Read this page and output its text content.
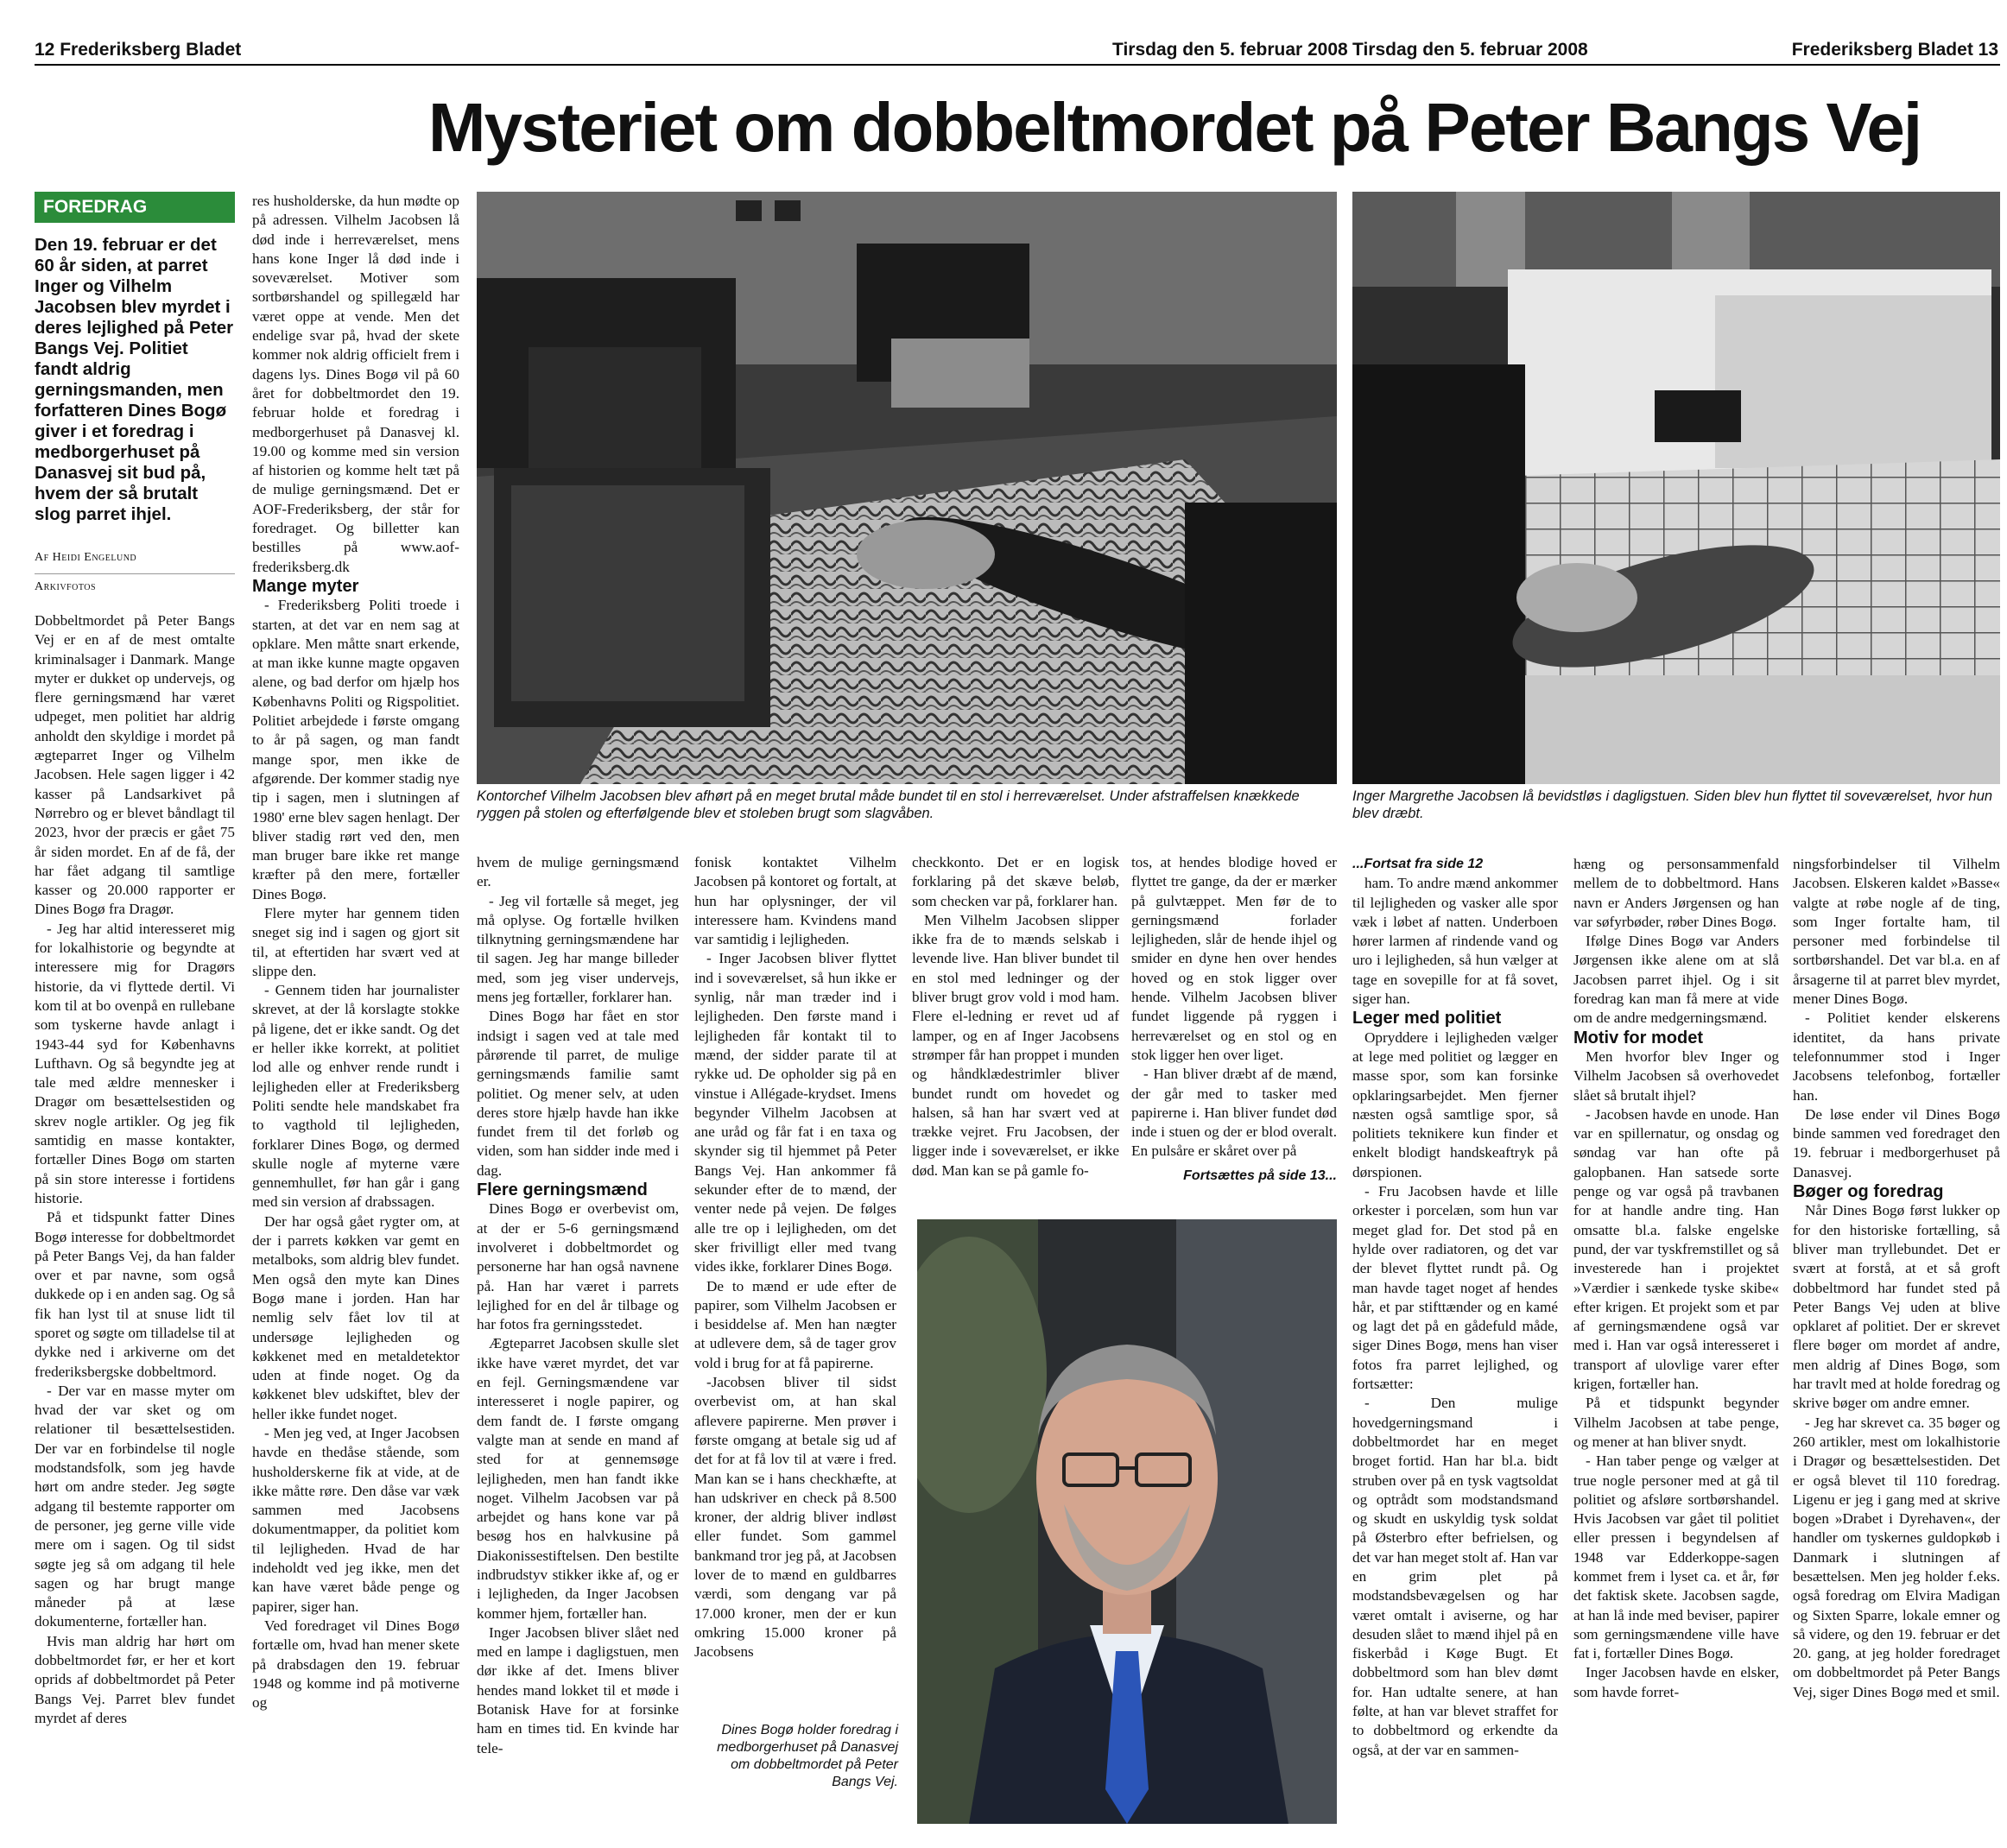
12 Frederiksberg Bladet	Tirsdag den 5. februar 2008 Tirsdag den 5. februar 2008	Frederiksberg Bladet 13
Mysteriet om dobbeltmordet på Peter Bangs Vej
FOREDRAG
Den 19. februar er det 60 år siden, at parret Inger og Vilhelm Jacobsen blev myrdet i deres lejlighed på Peter Bangs Vej. Politiet fandt aldrig gerningsmanden, men forfatteren Dines Bogø giver i et foredrag i medborgerhuset på Danasvej sit bud på, hvem der så brutalt slog parret ihjel.
Af Heidi Engelund
Arkivfotos

Dobbeltmordet på Peter Bangs Vej er en af de mest omtalte kriminalsager i Danmark. Mange myter er dukket op undervejs, og flere gerningsmænd har været udpeget, men politiet har aldrig anholdt den skyldige i mordet på ægteparret Inger og Vilhelm Jacobsen. Hele sagen ligger i 42 kasser på Landsarkivet på Nørrebro og er blevet båndlagt til 2023, hvor der præcis er gået 75 år siden mordet. En af de få, der har fået adgang til samtlige kasser og 20.000 rapporter er Dines Bogø fra Dragør.

- Jeg har altid interesseret mig for lokalhistorie og begyndte at interessere mig for Dragørs historie, da vi flyttede dertil. Vi kom til at bo ovenpå en rullebane som tyskerne havde anlagt i 1943-44 syd for Københavns Lufthavn. Og så begyndte jeg at tale med ældre mennesker i Dragør om besættelsestiden og skrev nogle artikler. Og jeg fik samtidig en masse kontakter, fortæller Dines Bogø om starten på sin store interesse i fortidens historie.

På et tidspunkt fatter Dines Bogø interesse for dobbeltmordet på Peter Bangs Vej, da han falder over et par navne, som også dukkede op i en anden sag. Og så fik han lyst til at snuse lidt til sporet og søgte om tilladelse til at dykke ned i arkiverne om det frederiksbergske dobbeltmord.

- Der var en masse myter om hvad der var sket og om relationer til besættelsestiden. Der var en forbindelse til nogle modstandsfolk, som jeg havde hørt om andre steder. Jeg søgte adgang til bestemte rapporter om de personer, jeg gerne ville vide mere om i sagen. Og til sidst søgte jeg så om adgang til hele sagen og har brugt mange måneder på at læse dokumenterne, fortæller han.

Hvis man aldrig har hørt om dobbeltmordet før, er her et kort oprids af dobbeltmordet på Peter Bangs Vej. Parret blev fundet myrdet af deres

res husholderske, da hun mødte op på adressen. Vilhelm Jacobsen lå død inde i herreværelset, mens hans kone Inger lå død inde i soveværelset. Motiver som sortbørshandel og spillegæld har været oppe at vende. Men det endelige svar på, hvad der skete kommer nok aldrig officielt frem i dagens lys. Dines Bogø vil på 60 året for dobbeltmordet den 19. februar holde et foredrag i medborgerhuset på Danasvej kl. 19.00 og komme med sin version af historien og komme helt tæt på de mulige gerningsmænd. Det er AOF-Frederiksberg, der står for foredraget. Og billetter kan bestilles på www.aof-frederiksberg.dk

Mange myter

- Frederiksberg Politi troede i starten, at det var en nem sag at opklare. Men måtte snart erkende, at man ikke kunne magte opgaven alene, og bad derfor om hjælp hos Københavns Politi og Rigspolitiet. Politiet arbejdede i første omgang to år på sagen, og man fandt mange spor, men ikke de afgørende. Der kommer stadig nye tip i sagen, men i slutningen af 1980' erne blev sagen henlagt. Der bliver stadig rørt ved den, men man bruger bare ikke ret mange kræfter på den mere, fortæller Dines Bogø.

Flere myter har gennem tiden sneget sig ind i sagen og gjort sit til, at eftertiden har svært ved at slippe den.

- Gennem tiden har journalister skrevet, at der lå korslagte stokke på ligene, det er ikke sandt. Og det er heller ikke korrekt, at politiet lod alle og enhver rende rundt i lejligheden eller at Frederiksberg Politi sendte hele mandskabet fra to vagthold til lejligheden, forklarer Dines Bogø, og dermed skulle nogle af myterne være gennemhullet, før han går i gang med sin version af drabssagen.

Der har også gået rygter om, at der i parrets køkken var gemt en metalboks, som aldrig blev fundet. Men også den myte kan Dines Bogø mane i jorden. Han har nemlig selv fået lov til at undersøge lejligheden og køkkenet med en metaldetektor uden at finde noget. Og da køkkenet blev udskiftet, blev der heller ikke fundet noget.

- Men jeg ved, at Inger Jacobsen havde en thedåse stående, som husholderskerne fik at vide, at de ikke måtte røre. Den dåse var væk sammen med Jacobsens dokumentmapper, da politiet kom til lejligheden. Hvad de har indeholdt ved jeg ikke, men det kan have været både penge og papirer, siger han.

Ved foredraget vil Dines Bogø fortælle om, hvad han mener skete på drabsdagen den 19. februar 1948 og komme ind på motiverne og

Kontorchef Vilhelm Jacobsen blev afhørt på en meget brutal måde bundet til en stol i herreværelset. Under afstraffelsen knækkede ryggen på stolen og efterfølgende blev et stoleben brugt som slagvåben.
Inger Margrethe Jacobsen lå bevidstløs i dagligstuen. Siden blev hun flyttet til soveværelset, hvor hun blev dræbt.

hvem de mulige gerningsmænd er.

- Jeg vil fortælle så meget, jeg må oplyse. Og fortælle hvilken tilknytning gerningsmændene har til sagen. Jeg har mange billeder med, som jeg viser undervejs, mens jeg fortæller, forklarer han.

Dines Bogø har fået en stor indsigt i sagen ved at tale med pårørende til parret, de mulige gerningsmænds familie samt politiet. Og mener selv, at uden deres store hjælp havde han ikke fundet frem til det forløb og viden, som han sidder inde med i dag.

Flere gerningsmænd

Dines Bogø er overbevist om, at der er 5-6 gerningsmænd involveret i dobbeltmordet og personerne har han også navnene på. Han har været i parrets lejlighed for en del år tilbage og har fotos fra gerningsstedet.

Ægteparret Jacobsen skulle slet ikke have været myrdet, det var en fejl. Gerningsmændene var interesseret i nogle papirer, og dem fandt de. I første omgang valgte man at sende en mand af sted for at gennemsøge lejligheden, men han fandt ikke noget. Vilhelm Jacobsen var på arbejdet og hans kone var på besøg hos en halvkusine på Diakonissestiftelsen. Den bestilte indbrudstyv stikker ikke af, og er i lejligheden, da Inger Jacobsen kommer hjem, fortæller han.

Inger Jacobsen bliver slået ned med en lampe i dagligstuen, men dør ikke af det. Imens bliver hendes mand lokket til et møde i Botanisk Have for at forsinke ham en times tid. En kvinde har tele-

fonisk kontaktet Vilhelm Jacobsen på kontoret og fortalt, at hun har oplysninger, der vil interessere ham. Kvindens mand var samtidig i lejligheden.

- Inger Jacobsen bliver flyttet ind i soveværelset, så hun ikke er synlig, når man træder ind i lejligheden. Den første mand i lejligheden får kontakt til to mænd, der sidder parate til at rykke ud. De opholder sig på en vinstue i Allégade-krydset. Imens begynder Vilhelm Jacobsen at ane uråd og får fat i en taxa og skynder sig til hjemmet på Peter Bangs Vej. Han ankommer få sekunder efter de to mænd, der venter nede på vejen. De følges alle tre op i lejligheden, om det sker frivilligt eller med tvang vides ikke, forklarer Dines Bogø.

De to mænd er ude efter de papirer, som Vilhelm Jacobsen er i besiddelse af. Men han nægter at udlevere dem, så de tager grov vold i brug for at få papirerne.

-Jacobsen bliver til sidst overbevist om, at han skal aflevere papirerne. Men prøver i første omgang at betale sig ud af det for at få lov til at være i fred. Man kan se i hans checkhæfte, at han udskriver en check på 8.500 kroner, der aldrig bliver indløst eller fundet. Som gammel bankmand tror jeg på, at Jacobsen lover de to mænd en guldbarres værdi, som dengang var på 17.000 kroner, men der er kun omkring 15.000 kroner på Jacobsens

checkkonto. Det er en logisk forklaring på det skæve beløb, som checken var på, forklarer han.

Men Vilhelm Jacobsen slipper ikke fra de to mænds selskab i levende live. Han bliver bundet til en stol med ledninger og der bliver brugt grov vold i mod ham. Flere el-ledning er revet ud af lamper, og en af Inger Jacobsens strømper får han proppet i munden og håndklædestrimler bliver bundet rundt om hovedet og halsen, så han har svært ved at trække vejret. Fru Jacobsen, der ligger inde i soveværelset, er ikke død. Man kan se på gamle fo-

tos, at hendes blodige hoved er flyttet tre gange, da der er mærker på gulvtæppet. Men før de to gerningsmænd forlader lejligheden, slår de hende ihjel og smider en dyne hen over hendes hoved og en stok ligger over hende. Vilhelm Jacobsen bliver fundet liggende på ryggen i herreværelset og en stol og en stok ligger hen over liget.

- Han bliver dræbt af de mænd, der går med to tasker med papirerne i. Han bliver fundet død inde i stuen og der er blod overalt. En pulsåre er skåret over på

Fortsættes på side 13...

Dines Bogø holder foredrag i medborgerhuset på Danasvej om dobbeltmordet på Peter Bangs Vej.

...Fortsat fra side 12

ham. To andre mænd ankommer til lejligheden og vasker alle spor væk i løbet af natten. Underboen hører larmen af rindende vand og uro i lejligheden, så hun vælger at tage en sovepille for at få sovet, siger han.

Leger med politiet

Opryddere i lejligheden vælger at lege med politiet og lægger en masse spor, som kan forsinke opklaringsarbejdet. Men fjerner næsten også samtlige spor, så politiets teknikere kun finder et enkelt blodigt handskeaftryk på dørspionen.

- Fru Jacobsen havde et lille orkester i porcelæn, som hun var meget glad for. Det stod på en hylde over radiatoren, og det var der blevet flyttet rundt på. Og man havde taget noget af hendes hår, et par stifttænder og en kamé og lagt det på en gådefuld måde, siger Dines Bogø, mens han viser fotos fra parret lejlighed, og fortsætter:

- Den mulige hovedgerningsmand i dobbeltmordet har en meget broget fortid. Han har bl.a. bidt struben over på en tysk vagtsoldat og optrådt som modstandsmand og skudt en uskyldig tysk soldat på Østerbro efter befrielsen, og det var han meget stolt af. Han var en grim plet på modstandsbevægelsen og har været omtalt i aviserne, og har desuden slået to mænd ihjel på en fiskerbåd i Køge Bugt. Et dobbeltmord som han blev dømt for. Han udtalte senere, at han følte, at han var blevet straffet for to dobbeltmord og erkendte da også, at der var en sammen-

hæng og personsammenfald mellem de to dobbeltmord. Hans navn er Anders Jørgensen og han var søfyrbøder, røber Dines Bogø.

Ifølge Dines Bogø var Anders Jørgensen ikke alene om at slå Jacobsen parret ihjel. Og i sit foredrag kan man få mere at vide om de andre medgerningsmænd.

Motiv for modet

Men hvorfor blev Inger og Vilhelm Jacobsen så overhovedet slået så brutalt ihjel?

- Jacobsen havde en unode. Han var en spillernatur, og onsdag og søndag var han ofte på galopbanen. Han satsede sorte penge og var også på travbanen for at handle andre ting. Han omsatte bl.a. falske engelske pund, der var tyskfremstillet og så investerede han i projektet »Værdier i sænkede tyske skibe« efter krigen. Et projekt som et par af gerningsmændene også var med i. Han var også interesseret i transport af ulovlige varer efter krigen, fortæller han.

På et tidspunkt begynder Vilhelm Jacobsen at tabe penge, og mener at han bliver snydt.

- Han taber penge og vælger at true nogle personer med at gå til politiet og afsløre sortbørshandel. Hvis Jacobsen var gået til politiet eller pressen i begyndelsen af 1948 var Edderkoppe-sagen kommet frem i lyset ca. et år, før det faktisk skete. Jacobsen sagde, at han lå inde med beviser, papirer som gerningsmændene ville have fat i, fortæller Dines Bogø.

Inger Jacobsen havde en elsker, som havde forret-

ningsforbindelser til Vilhelm Jacobsen. Elskeren kaldet »Basse« valgte at røbe nogle af de ting, som Inger fortalte ham, til personer med forbindelse til sortbørshandel. Det var bl.a. en af årsagerne til at parret blev myrdet, mener Dines Bogø.

- Politiet kender elskerens identitet, da hans private telefonnummer stod i Inger Jacobsens telefonbog, fortæller han.

De løse ender vil Dines Bogø binde sammen ved foredraget den 19. februar i medborgerhuset på Danasvej.

Bøger og foredrag

Når Dines Bogø først lukker op for den historiske fortælling, så bliver man tryllebundet. Det er svært at forstå, at et så groft dobbeltmord har fundet sted på Peter Bangs Vej uden at blive opklaret af politiet. Der er skrevet flere bøger om mordet af andre, men aldrig af Dines Bogø, som har travlt med at holde foredrag og skrive bøger om andre emner.

- Jeg har skrevet ca. 35 bøger og 260 artikler, mest om lokalhistorie i Dragør og besættelsestiden. Det er også blevet til 110 foredrag. Ligenu er jeg i gang med at skrive bogen »Drabet i Dyrehaven«, der handler om tyskernes guldopkøb i Danmark i slutningen af besættelsen. Men jeg holder f.eks. også foredrag om Elvira Madigan og Sixten Sparre, lokale emner og så videre, og den 19. februar er det 20. gang, at jeg holder foredraget om dobbeltmordet på Peter Bangs Vej, siger Dines Bogø med et smil.
